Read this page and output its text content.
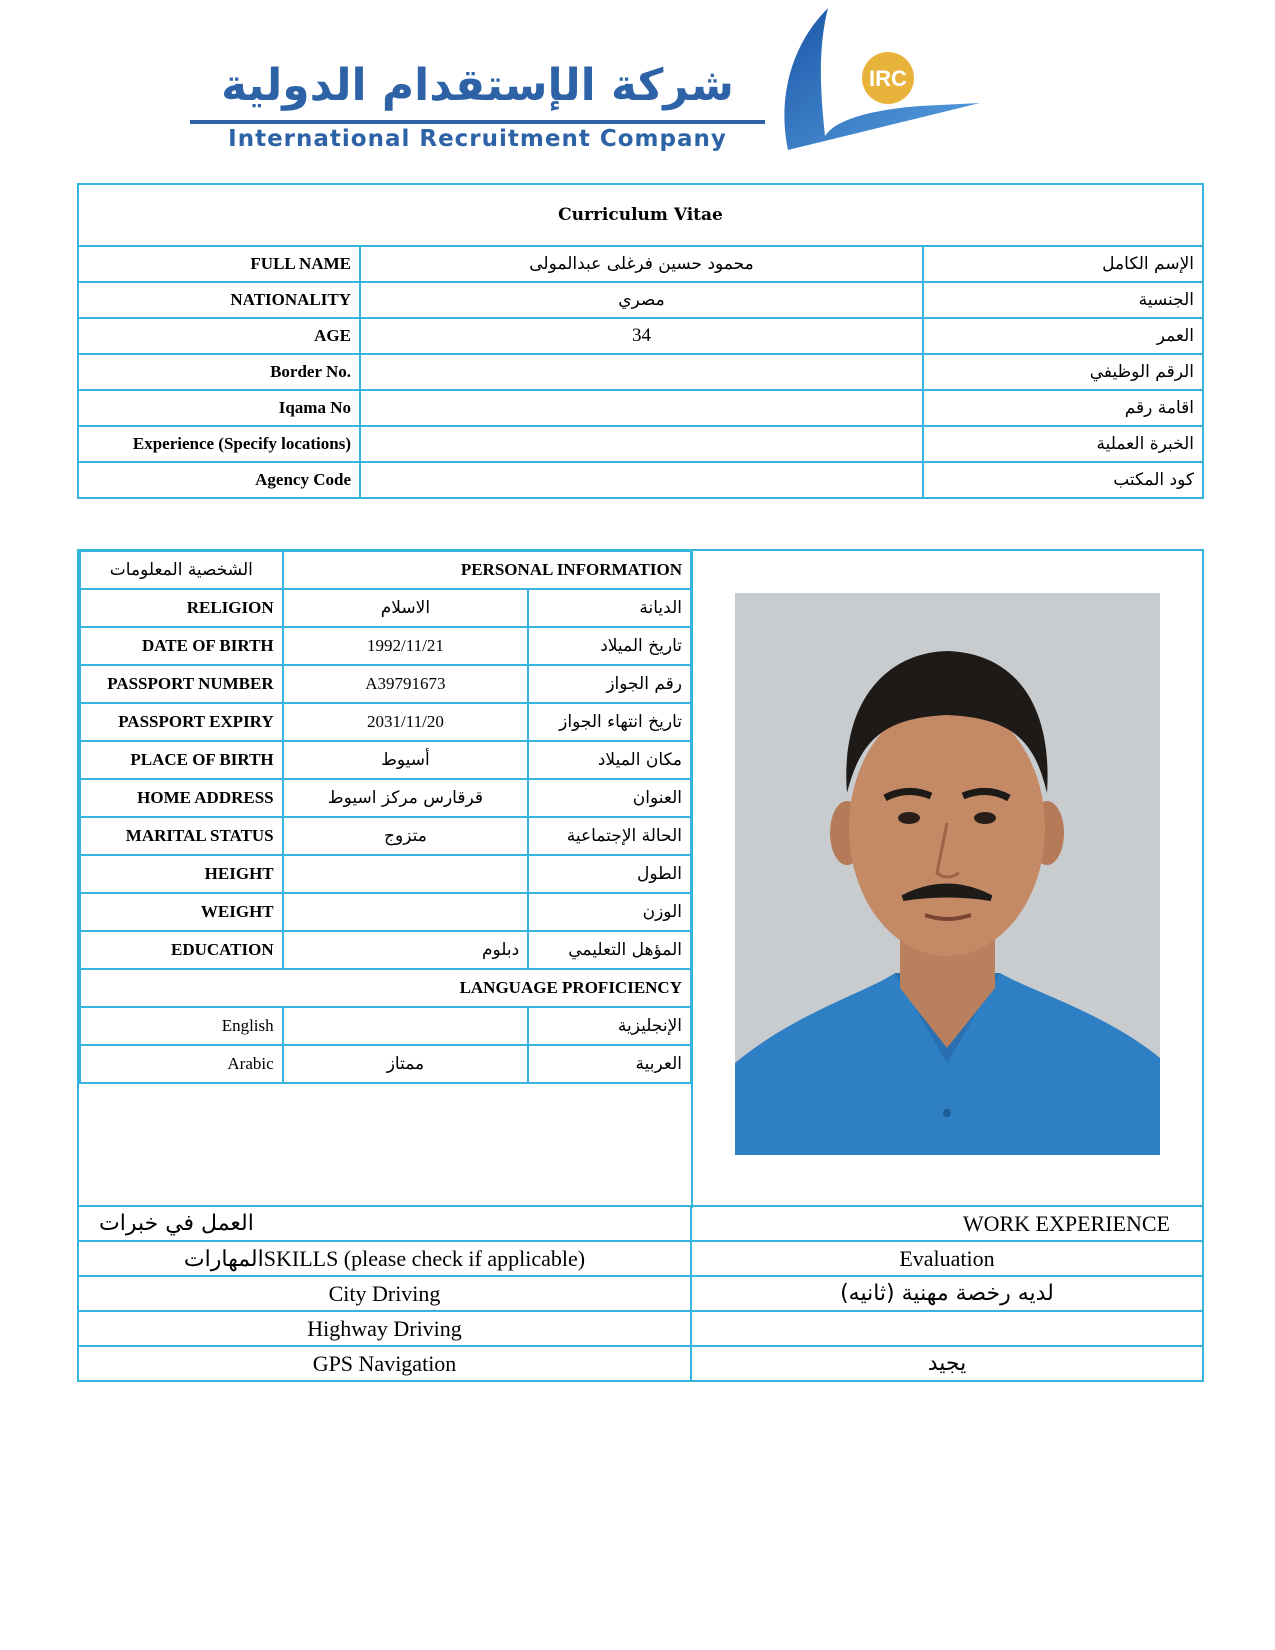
شركة الإستقدام الدولية
International Recruitment Company
IRC
Curriculum Vitae		
FULL NAME	محمود حسين فرغلى عبدالمولى	الإسم الكامل
NATIONALITY	مصري	الجنسية
AGE	34	العمر
Border No.		الرقم الوظيفي
Iqama No		اقامة رقم
Experience (Specify locations)		الخبرة العملية
Agency Code		كود المكتب
الشخصية المعلومات	PERSONAL INFORMATION	
RELIGION	الاسلام	الديانة
DATE OF BIRTH	1992/11/21	تاريخ الميلاد
PASSPORT NUMBER	A39791673	رقم الجواز
PASSPORT EXPIRY	2031/11/20	تاريخ انتهاء الجواز
PLACE OF BIRTH	أسيوط	مكان الميلاد
HOME ADDRESS	قرقارس مركز اسيوط	العنوان
MARITAL STATUS	متزوج	الحالة الإجتماعية
HEIGHT		الطول
WEIGHT		الوزن
EDUCATION	دبلوم	المؤهل التعليمي
LANGUAGE PROFICIENCY		
English		الإنجليزية
Arabic	ممتاز	العربية
العمل في خبرات	WORK EXPERIENCE
المهاراتSKILLS (please check if applicable)	Evaluation
City Driving	لديه رخصة مهنية (ثانيه)
Highway Driving	
GPS Navigation	يجيد
